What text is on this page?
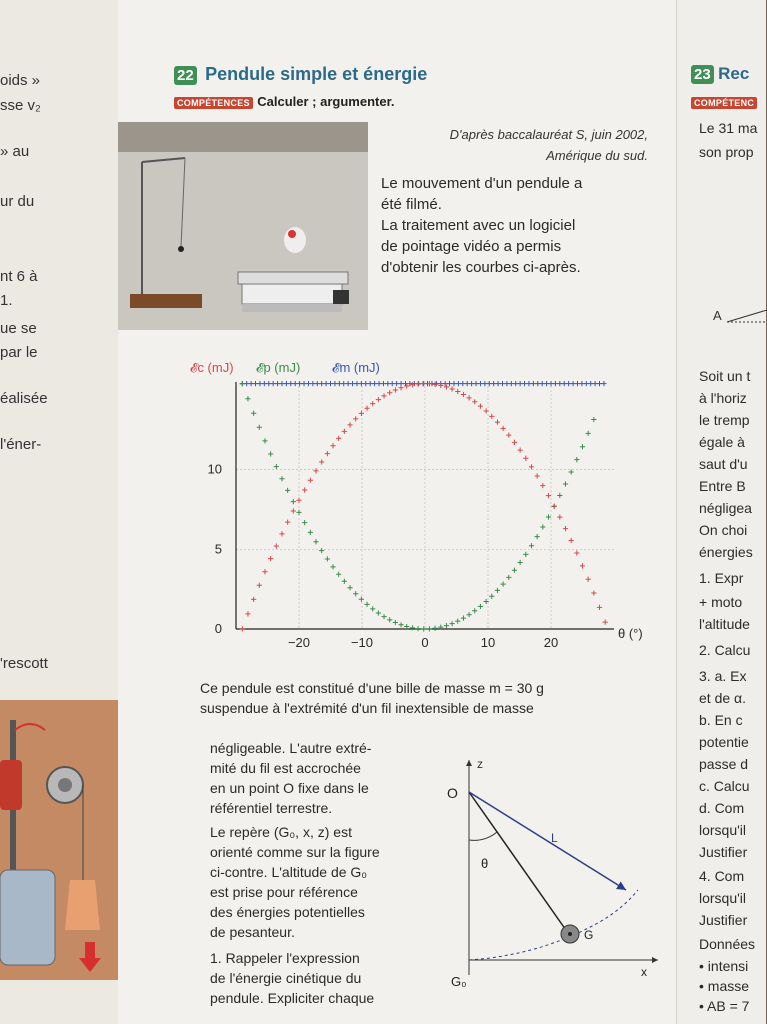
oids »
sse v₂
» au
ur du
nt 6 à
1.
ue se
par le
éalisée
l'éner-
'rescott
22 Pendule simple et énergie
COMPÉTENCES Calculer ; argumenter.
D'après baccalauréat S, juin 2002,
Amérique du sud.
Le mouvement d'un pendule a
été filmé.
La traitement avec un logiciel
de pointage vidéo a permis
d'obtenir les courbes ci-après.
𝓔c (mJ) 𝓔p (mJ) 𝓔m (mJ)
−20	−10	0	10	20
0
5
10
θ (°)
Ce pendule est constitué d'une bille de masse m = 30 g
suspendue à l'extrémité d'un fil inextensible de masse
négligeable. L'autre extré-
mité du fil est accrochée
en un point O fixe dans le
référentiel terrestre.
Le repère (G₀, x, z) est
orienté comme sur la figure
ci-contre. L'altitude de G₀
est prise pour référence
des énergies potentielles
de pesanteur.
1. Rappeler l'expression
de l'énergie cinétique du
pendule. Expliciter chaque
z
O
L
θ
G
G₀
x
23 Rec
COMPÉTENC
Le 31 ma
son prop
A
Soit un t
à l'horiz
le tremp
égale à
saut d'u
Entre B
négligea
On choi
énergies
1. Expr
+ moto
l'altitude
2. Calcu
3. a. Ex
et de α.
b. En c
potentie
passe d
c. Calcu
d. Com
lorsqu'il
Justifier
4. Com
lorsqu'il
Justifier
Données
• intensi
• masse
• AB = 7
